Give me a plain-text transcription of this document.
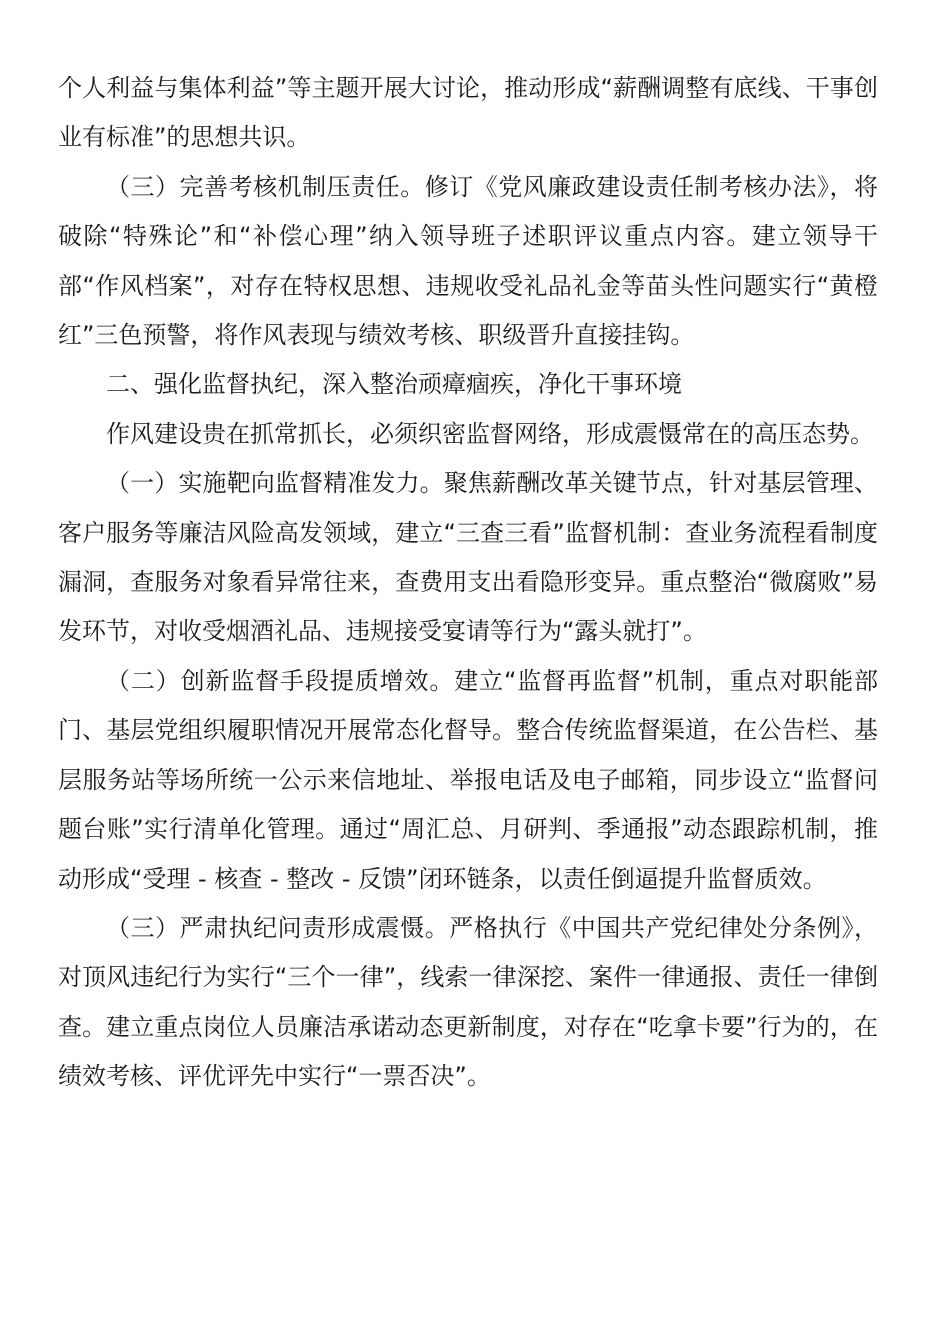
个人利益与集体利益”等主题开展大讨论，推动形成“薪酬调整有底线、干事创业有标准”的思想共识。

（三）完善考核机制压责任。修订《党风廉政建设责任制考核办法》，将破除“特殊论”和“补偿心理”纳入领导班子述职评议重点内容。建立领导干部“作风档案”，对存在特权思想、违规收受礼品礼金等苗头性问题实行“黄橙红”三色预警，将作风表现与绩效考核、职级晋升直接挂钩。

二、强化监督执纪，深入整治顽瘴痼疾，净化干事环境

作风建设贵在抓常抓长，必须织密监督网络，形成震慑常在的高压态势。

（一）实施靶向监督精准发力。聚焦薪酬改革关键节点，针对基层管理、客户服务等廉洁风险高发领域，建立“三查三看”监督机制：查业务流程看制度漏洞，查服务对象看异常往来，查费用支出看隐形变异。重点整治“微腐败”易发环节，对收受烟酒礼品、违规接受宴请等行为“露头就打”。

（二）创新监督手段提质增效。建立“监督再监督”机制，重点对职能部门、基层党组织履职情况开展常态化督导。整合传统监督渠道，在公告栏、基层服务站等场所统一公示来信地址、举报电话及电子邮箱，同步设立“监督问题台账”实行清单化管理。通过“周汇总、月研判、季通报”动态跟踪机制，推动形成“受理 - 核查 - 整改 - 反馈”闭环链条，以责任倒逼提升监督质效。

（三）严肃执纪问责形成震慑。严格执行《中国共产党纪律处分条例》，对顶风违纪行为实行“三个一律”，线索一律深挖、案件一律通报、责任一律倒查。建立重点岗位人员廉洁承诺动态更新制度，对存在“吃拿卡要”行为的，在绩效考核、评优评先中实行“一票否决”。
